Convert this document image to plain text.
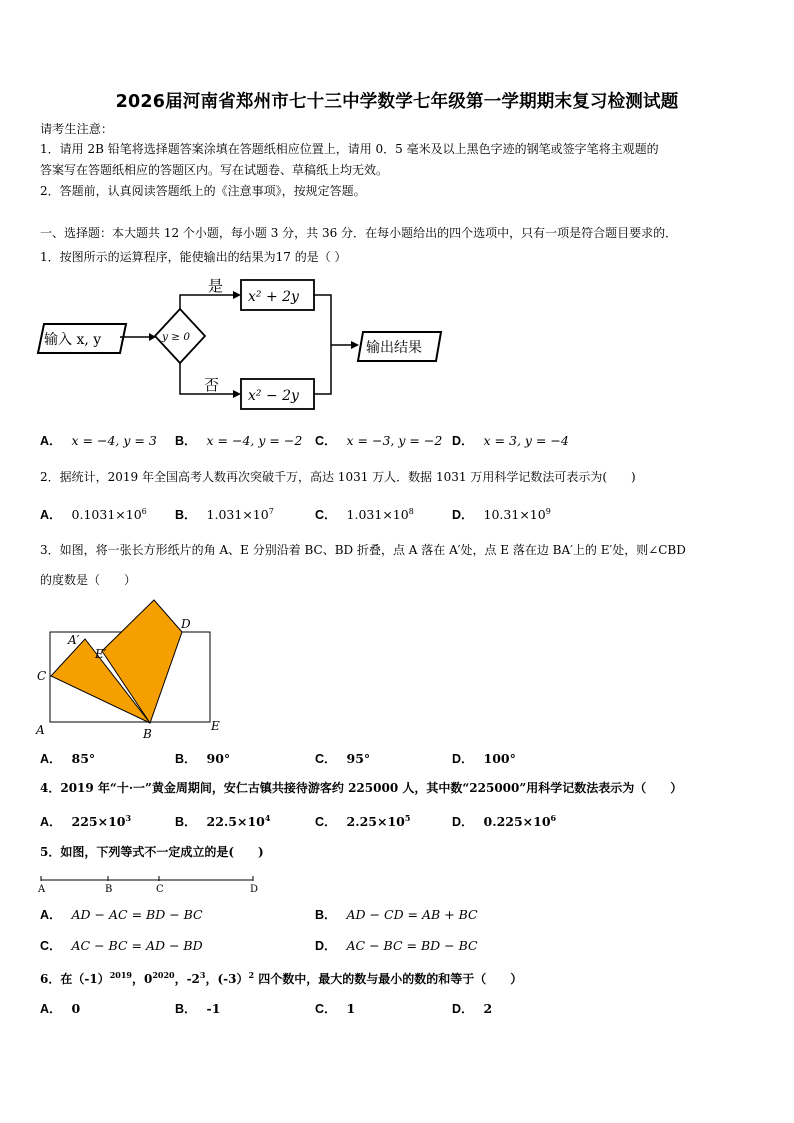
2026届河南省郑州市七十三中学数学七年级第一学期期末复习检测试题
请考生注意：
1．请用 2B 铅笔将选择题答案涂填在答题纸相应位置上，请用 0．5 毫米及以上黑色字迹的钢笔或签字笔将主观题的
答案写在答题纸相应的答题区内。写在试题卷、草稿纸上均无效。
2．答题前，认真阅读答题纸上的《注意事项》，按规定答题。
一、选择题：本大题共 12 个小题，每小题 3 分，共 36 分．在每小题给出的四个选项中，只有一项是符合题目要求的．
1．按图所示的运算程序，能使输出的结果为17 的是（ ）
输入 x, y	y ≥ 0
是
否
x² + 2y
x² − 2y
输出结果
A． x = −4, y = 3 B． x = −4, y = −2 C． x = −3, y = −2 D． x = 3, y = −4
2．据统计，2019 年全国高考人数再次突破千万，高达 1031 万人．数据 1031 万用科学记数法可表示为(　　)
A． $0.1031\times 10^6$ B． $1.031\times 10^7$	C． $1.031\times 10^8$	D． $10.31\times 10^9$
3．如图，将一张长方形纸片的角 A、E 分别沿着 BC、BD 折叠，点 A 落在 A′处，点 E 落在边 BA′上的 E′处，则∠CBD
的度数是（　　）
A
A′
B
C
D
E
E′
A． 85°	B． 90°	C． 95°	D． 100°
4．2019 年“十·一”黄金周期间，安仁古镇共接待游客约 225000 人，其中数“225000”用科学记数法表示为（　　）
A． $225\times 10^3$	B． $22.5\times 10^4$	C． $2.25\times 10^5$	D． $0.225\times 10^6$
5．如图，下列等式不一定成立的是(　　)
A	B	C	D
A． AD − AC = BD − BC	B． AD − CD = AB + BC
C． AC − BC = AD − BD	D． AC − BC = BD − BC
6．在$(-1)^{2019}$，$0^{2020}$，$-2^3$，(-3）$^2$ 四个数中，最大的数与最小的数的和等于（　　）
A． 0	B． -1	C． 1	D． 2
